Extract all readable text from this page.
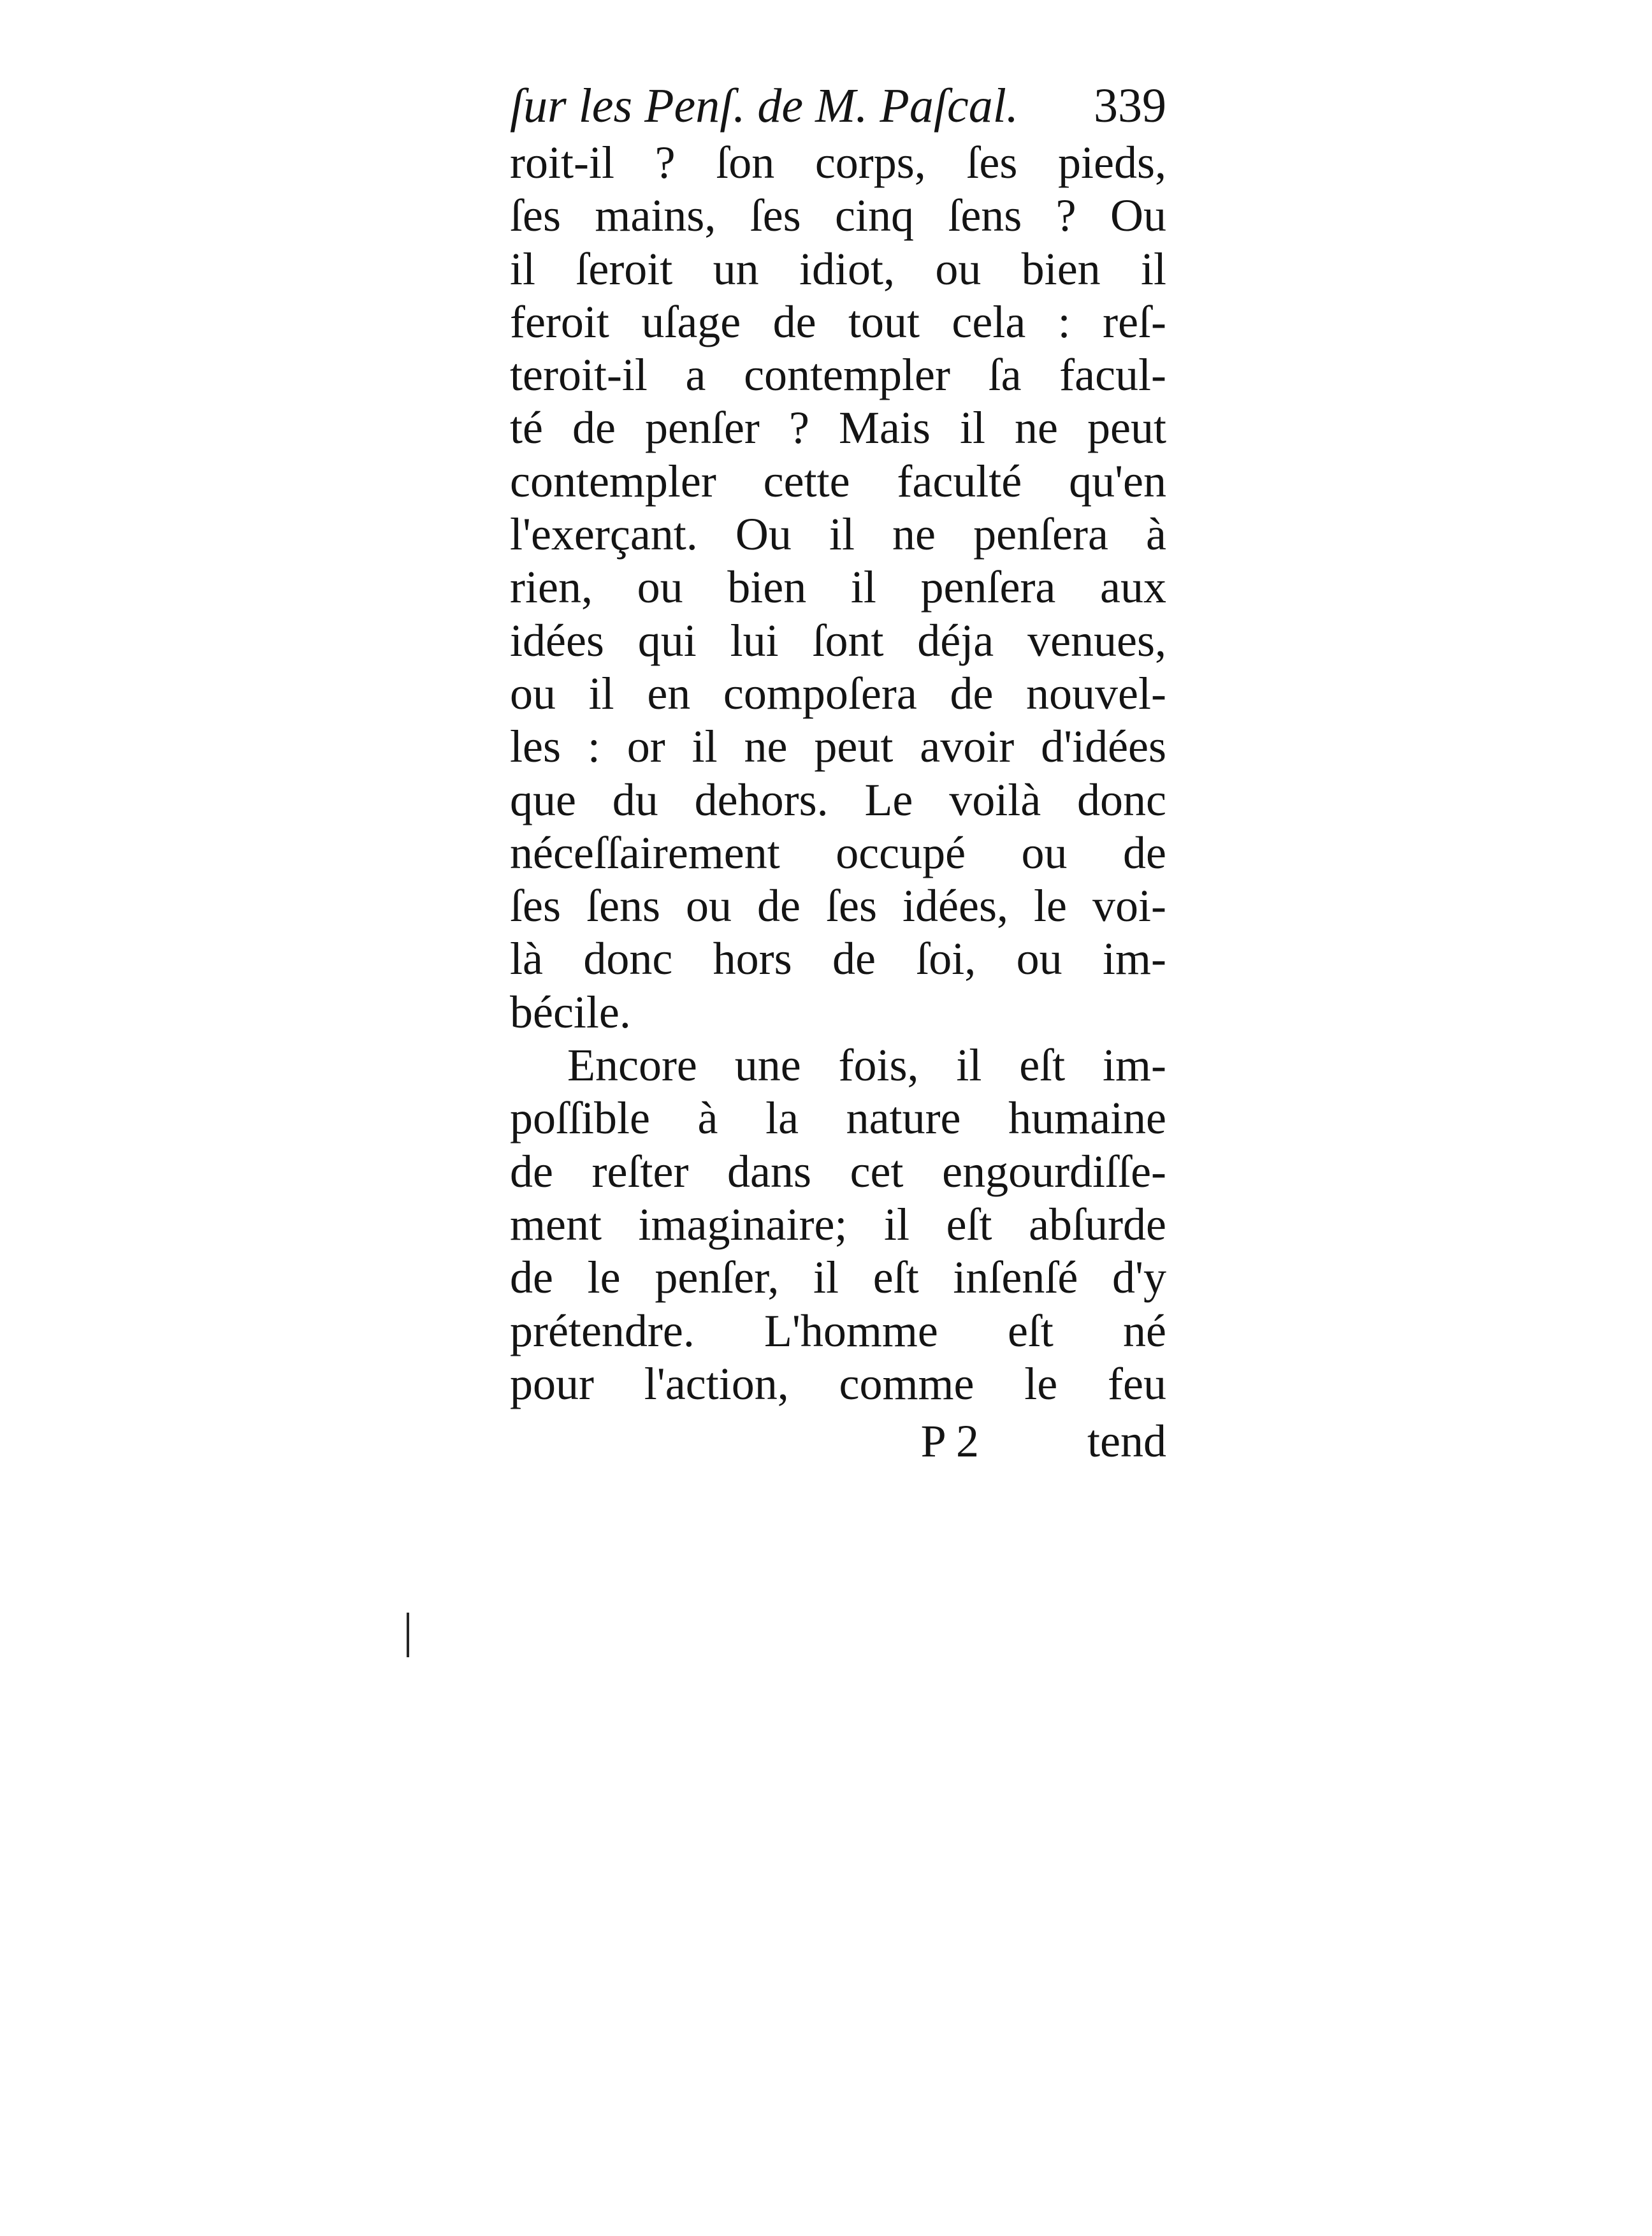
ſur les Penſ. de M. Paſcal. 339
roit-il ? ſon corps, ſes pieds,
ſes mains, ſes cinq ſens ? Ou
il ſeroit un idiot, ou bien il
feroit uſage de tout cela : reſ-
teroit-il a contempler ſa facul-
té de penſer ? Mais il ne peut
contempler cette faculté qu'en
l'exerçant. Ou il ne penſera à
rien, ou bien il penſera aux
idées qui lui ſont déja venues,
ou il en compoſera de nouvel-
les : or il ne peut avoir d'idées
que du dehors. Le voilà donc
néceſſairement occupé ou de
ſes ſens ou de ſes idées, le voi-
là donc hors de ſoi, ou im-
bécile.
Encore une fois, il eſt im-
poſſible à la nature humaine
de reſter dans cet engourdiſſe-
ment imaginaire; il eſt abſurde
de le penſer, il eſt inſenſé d'y
prétendre. L'homme eſt né
pour l'action, comme le feu
P 2 tend
